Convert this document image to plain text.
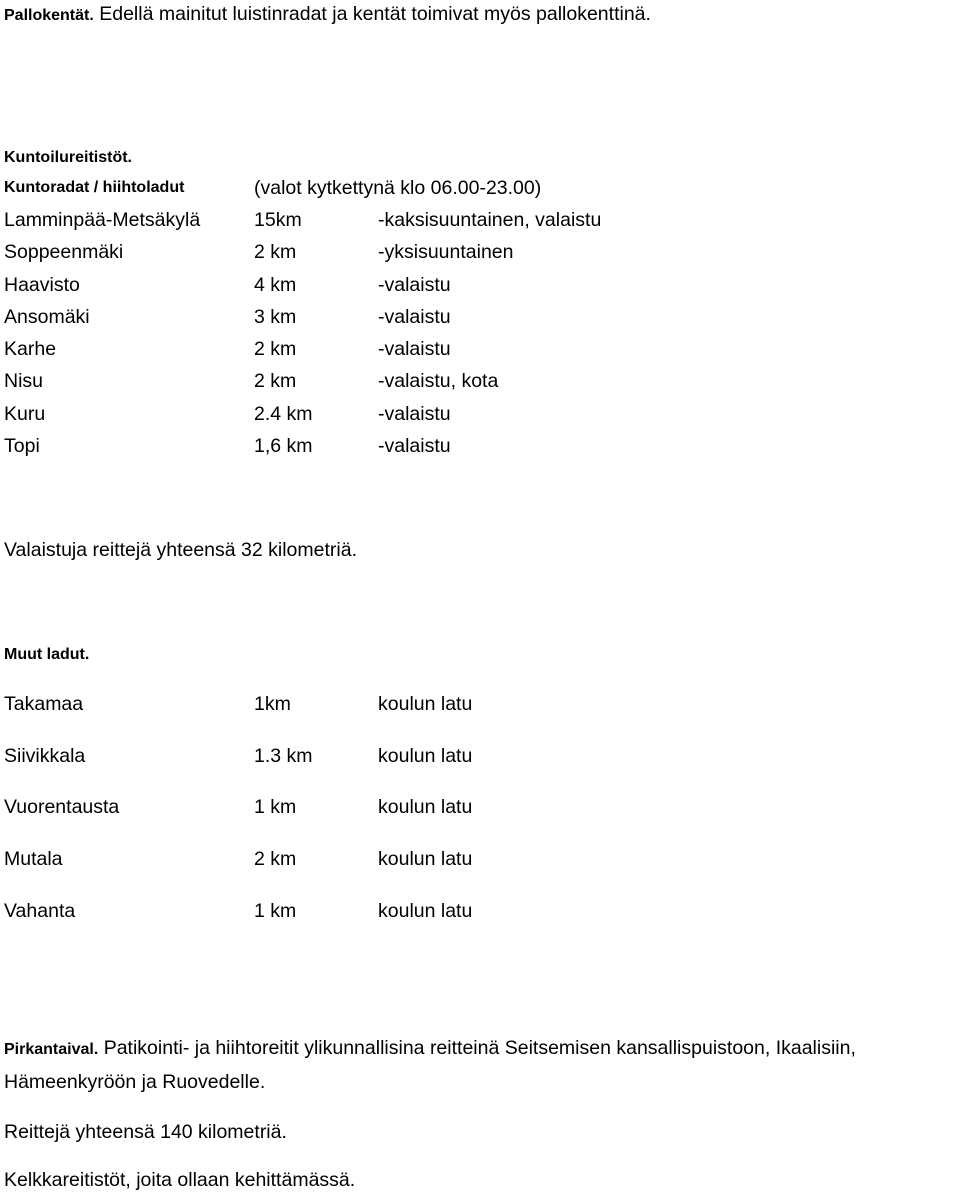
Pallokentät. Edellä mainitut luistinradat ja kentät toimivat myös pallokenttinä.
Kuntoilureitistöt.
Kuntoradat / hiihtoladut	(valot kytkettynä klo 06.00-23.00)
Lamminpää-Metsäkylä	15km	-kaksisuuntainen, valaistu
Soppeenmäki	2 km	-yksisuuntainen
Haavisto	4 km	-valaistu
Ansomäki	3 km	-valaistu
Karhe	2 km	-valaistu
Nisu	2 km	-valaistu, kota
Kuru	2.4 km	-valaistu
Topi	1,6 km	-valaistu
Valaistuja reittejä yhteensä 32 kilometriä.
Muut ladut.
Takamaa	1km	koulun latu
Siivikkala	1.3 km	koulun latu
Vuorentausta	1 km	koulun latu
Mutala	2 km	koulun latu
Vahanta	1 km	koulun latu
Pirkantaival. Patikointi- ja hiihtoreitit ylikunnallisina reitteinä Seitsemisen kansallispuistoon, Ikaalisiin, Hämeenkyröön ja Ruovedelle.
Reittejä yhteensä 140 kilometriä.
Kelkkareitistöt, joita ollaan kehittämässä.
